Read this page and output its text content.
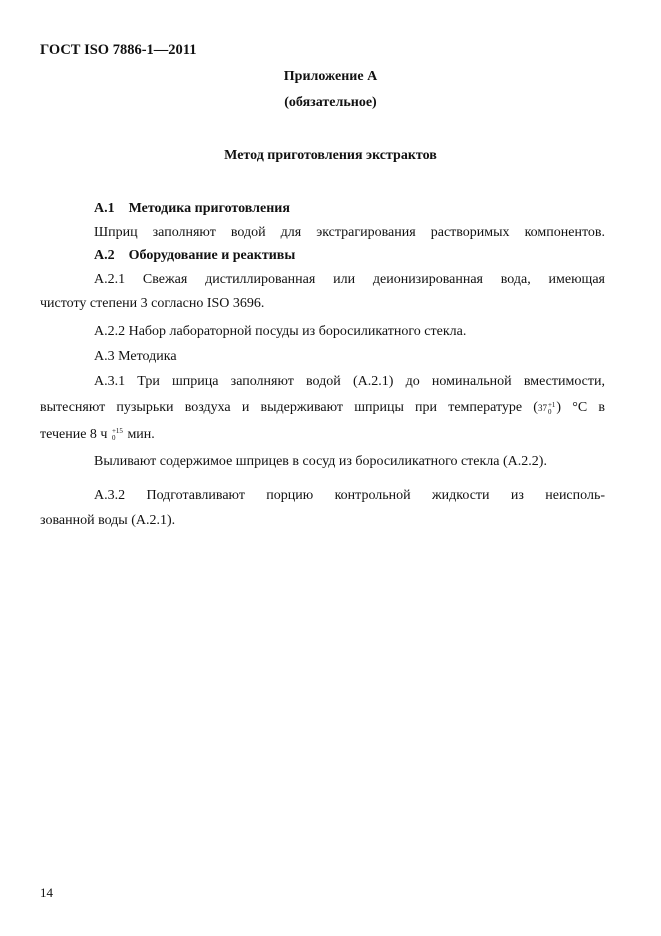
ГОСТ ISO 7886-1—2011
Приложение А
(обязательное)
Метод приготовления экстрактов
А.1 Методика приготовления
Шприц заполняют водой для экстрагирования растворимых компонентов.
А.2 Оборудование и реактивы
А.2.1 Свежая дистиллированная или деионизированная вода, имеющая
чистоту степени 3 согласно ISO 3696.
А.2.2 Набор лабораторной посуды из боросиликатного стекла.
А.3 Методика
А.3.1 Три шприца заполняют водой (А.2.1) до номинальной вместимости,
вытесняют пузырьки воздуха и выдерживают шприцы при температуре (37 +1
0 ) °С в
течение 8 ч +15
0 мин.
Выливают содержимое шприцев в сосуд из боросиликатного стекла (А.2.2).
А.3.2 Подготавливают порцию контрольной жидкости из неисполь-
зованной воды (А.2.1).
14
